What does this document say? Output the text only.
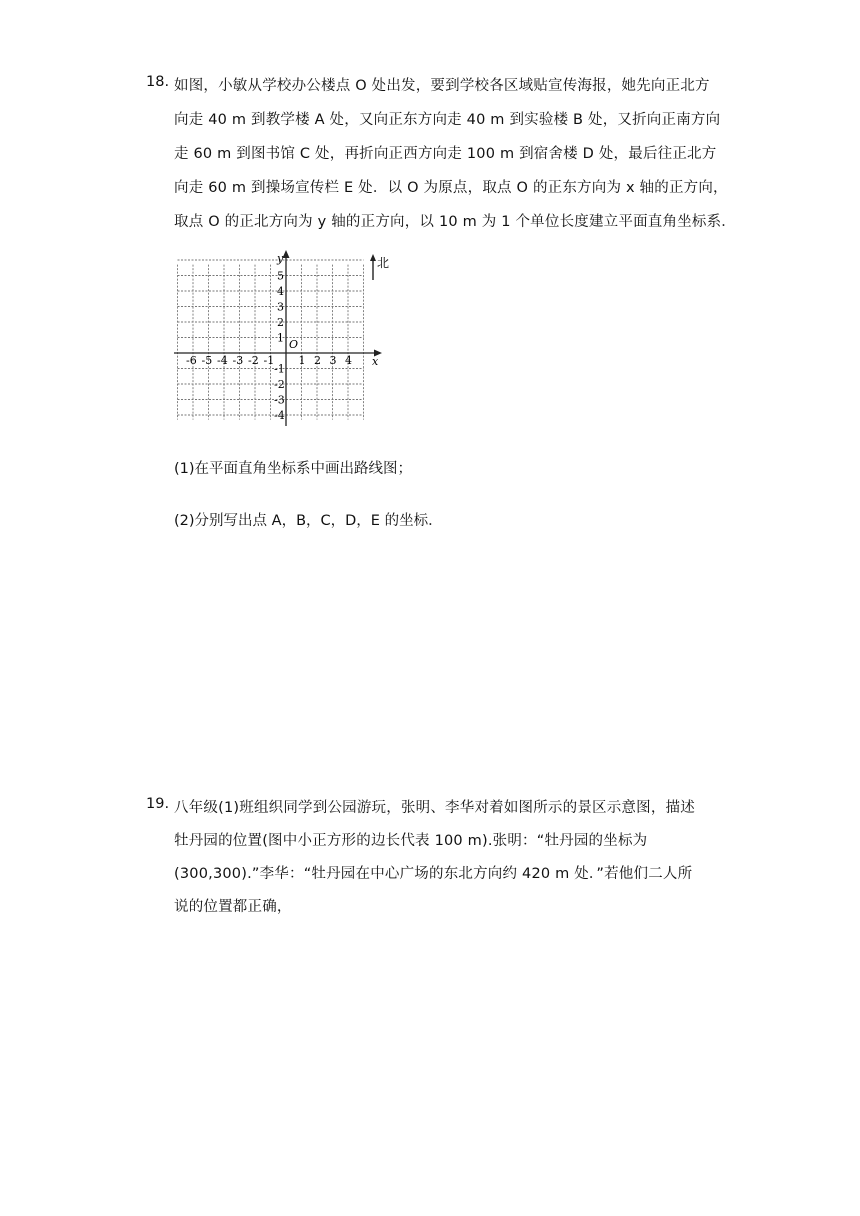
18. 如图，小敏从学校办公楼点 O 处出发，要到学校各区域贴宣传海报，她先向正北方
向走 40 m 到教学楼 A 处，又向正东方向走 40 m 到实验楼 B 处，又折向正南方向
走 60 m 到图书馆 C 处，再折向正西方向走 100 m 到宿舍楼 D 处，最后往正北方
向走 60 m 到操场宣传栏 E 处．以 O 为原点，取点 O 的正东方向为 x 轴的正方向，
取点 O 的正北方向为 y 轴的正方向，以 10 m 为 1 个单位长度建立平面直角坐标系．
y
x
O
-6 -5 -4 -3 -2 -1 1 2 3 4
5
4
3
2
1
-1
-2
-3
-4
北
(1)在平面直角坐标系中画出路线图；
(2)分别写出点 A，B，C，D，E 的坐标．
19. 八年级(1)班组织同学到公园游玩，张明、李华对着如图所示的景区示意图，描述
牡丹园的位置(图中小正方形的边长代表 100 m).张明：“牡丹园的坐标为
(300,300).”李华：“牡丹园在中心广场的东北方向约 420 m 处．”若他们二人所
说的位置都正确，
